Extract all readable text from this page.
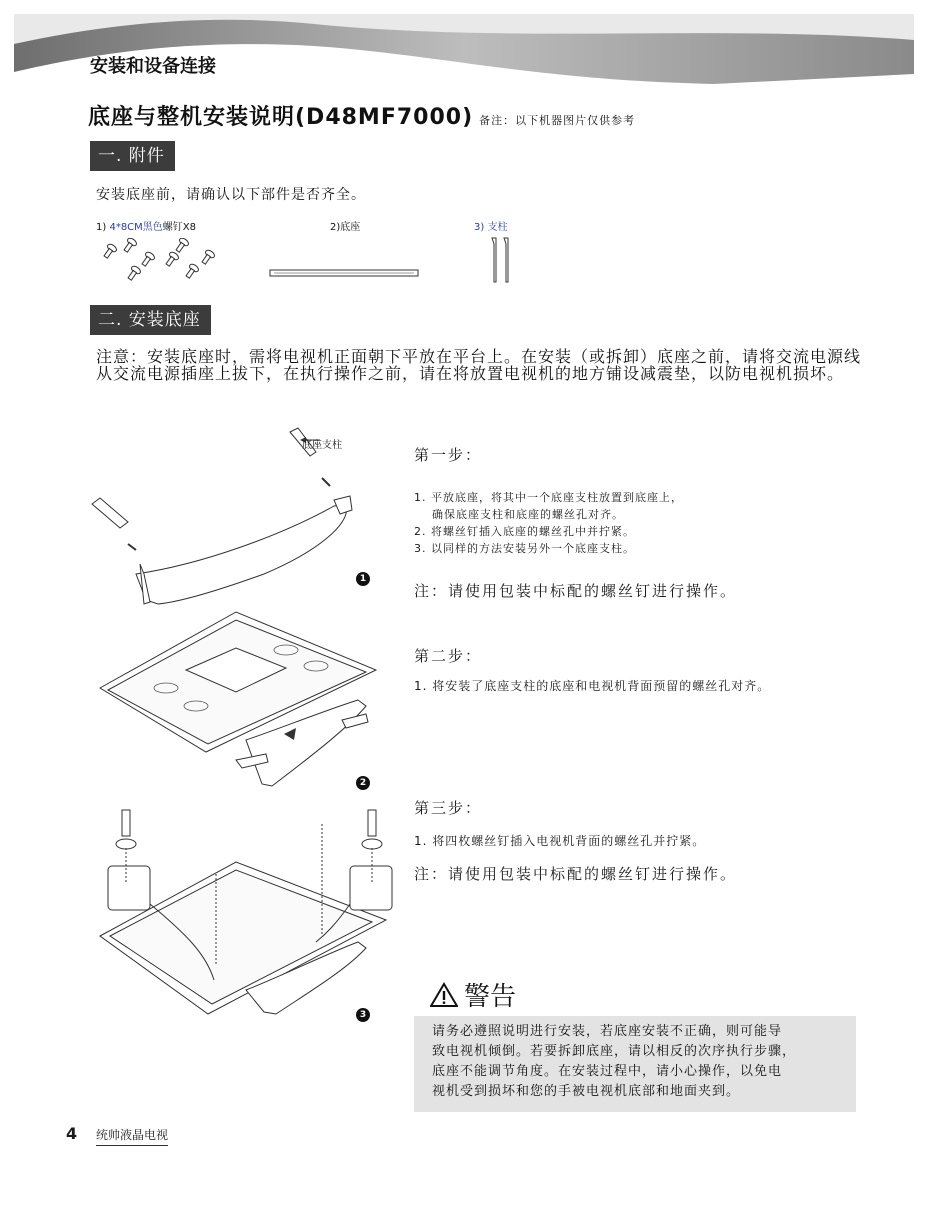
安装和设备连接
底座与整机安装说明(D48MF7000) 备注：以下机器图片仅供参考
一. 附件
安装底座前，请确认以下部件是否齐全。
1) 4*8CM黑色螺钉X8	2)底座	3) 支柱
二. 安装底座
注意：安装底座时，需将电视机正面朝下平放在平台上。在安装（或拆卸）底座之前，请将交流电源线从交流电源插座上拔下，在执行操作之前，请在将放置电视机的地方铺设减震垫，以防电视机损坏。
底座支柱
1
2
3
第一步：
1. 平放底座，将其中一个底座支柱放置到底座上，
确保底座支柱和底座的螺丝孔对齐。
2. 将螺丝钉插入底座的螺丝孔中并拧紧。
3. 以同样的方法安装另外一个底座支柱。
注：请使用包装中标配的螺丝钉进行操作。
第二步：
1. 将安装了底座支柱的底座和电视机背面预留的螺丝孔对齐。
第三步：
1. 将四枚螺丝钉插入电视机背面的螺丝孔并拧紧。
注：请使用包装中标配的螺丝钉进行操作。
警告
请务必遵照说明进行安装，若底座安装不正确，则可能导
致电视机倾倒。若要拆卸底座，请以相反的次序执行步骤，
底座不能调节角度。在安装过程中，请小心操作，以免电
视机受到损坏和您的手被电视机底部和地面夹到。
4 统帅液晶电视
